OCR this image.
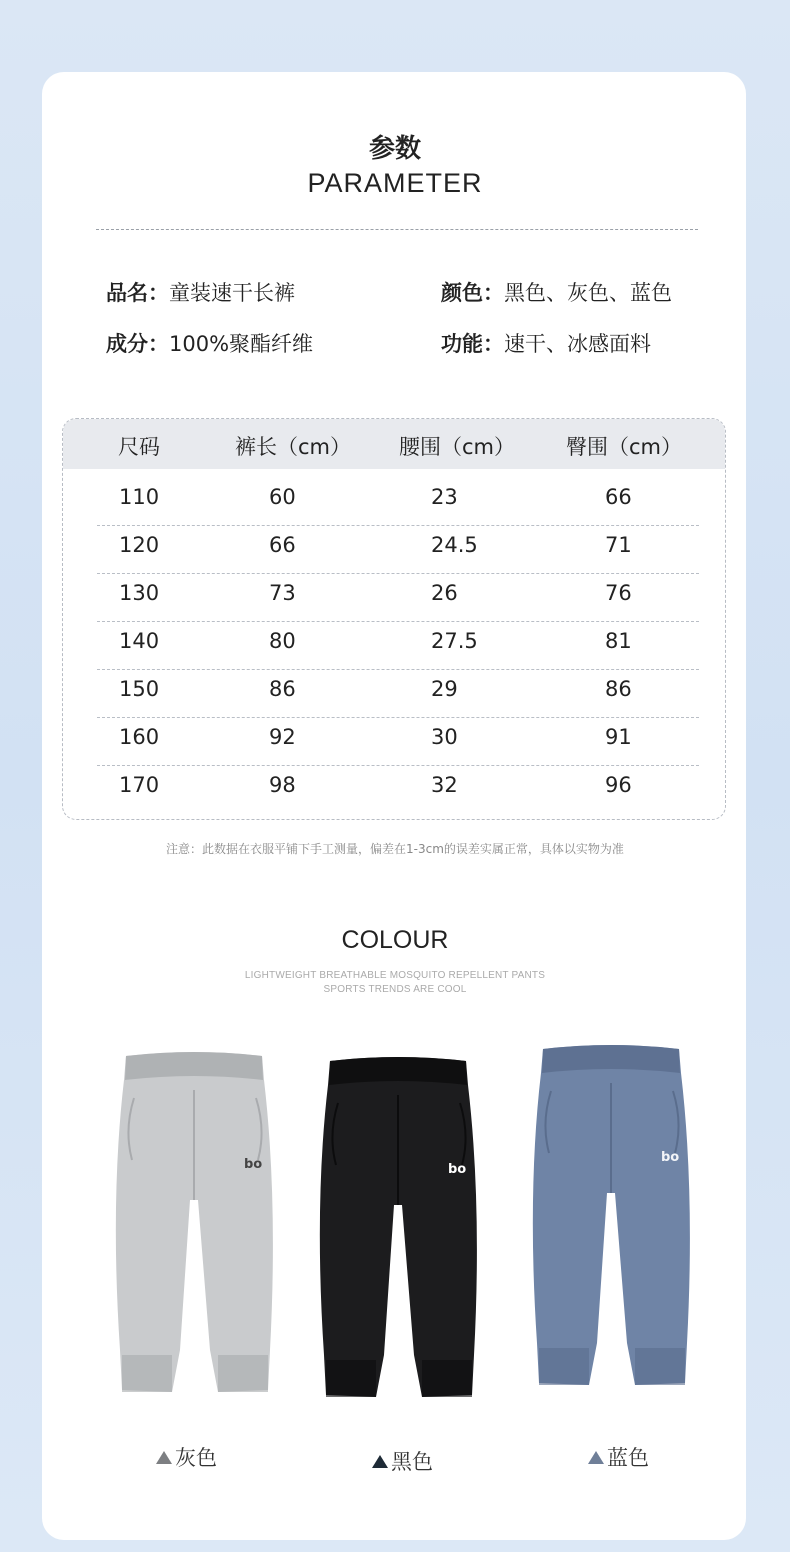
参数
PARAMETER
品名：童装速干长裤	颜色：黑色、灰色、蓝色
成分：100%聚酯纤维	功能：速干、冰感面料
尺码	裤长（cm） 腰围（cm） 臀围（cm）
110	60	23	66
120	66	24.5	71
130	73	26	76
140	80	27.5	81
150	86	29	86
160	92	30	91
170	98	32	96
注意：此数据在衣服平铺下手工测量，偏差在1-3cm的误差实属正常，具体以实物为准
COLOUR
LIGHTWEIGHT BREATHABLE MOSQUITO REPELLENT PANTS
SPORTS TRENDS ARE COOL
bo	bo
bo
灰色	黑色	蓝色
